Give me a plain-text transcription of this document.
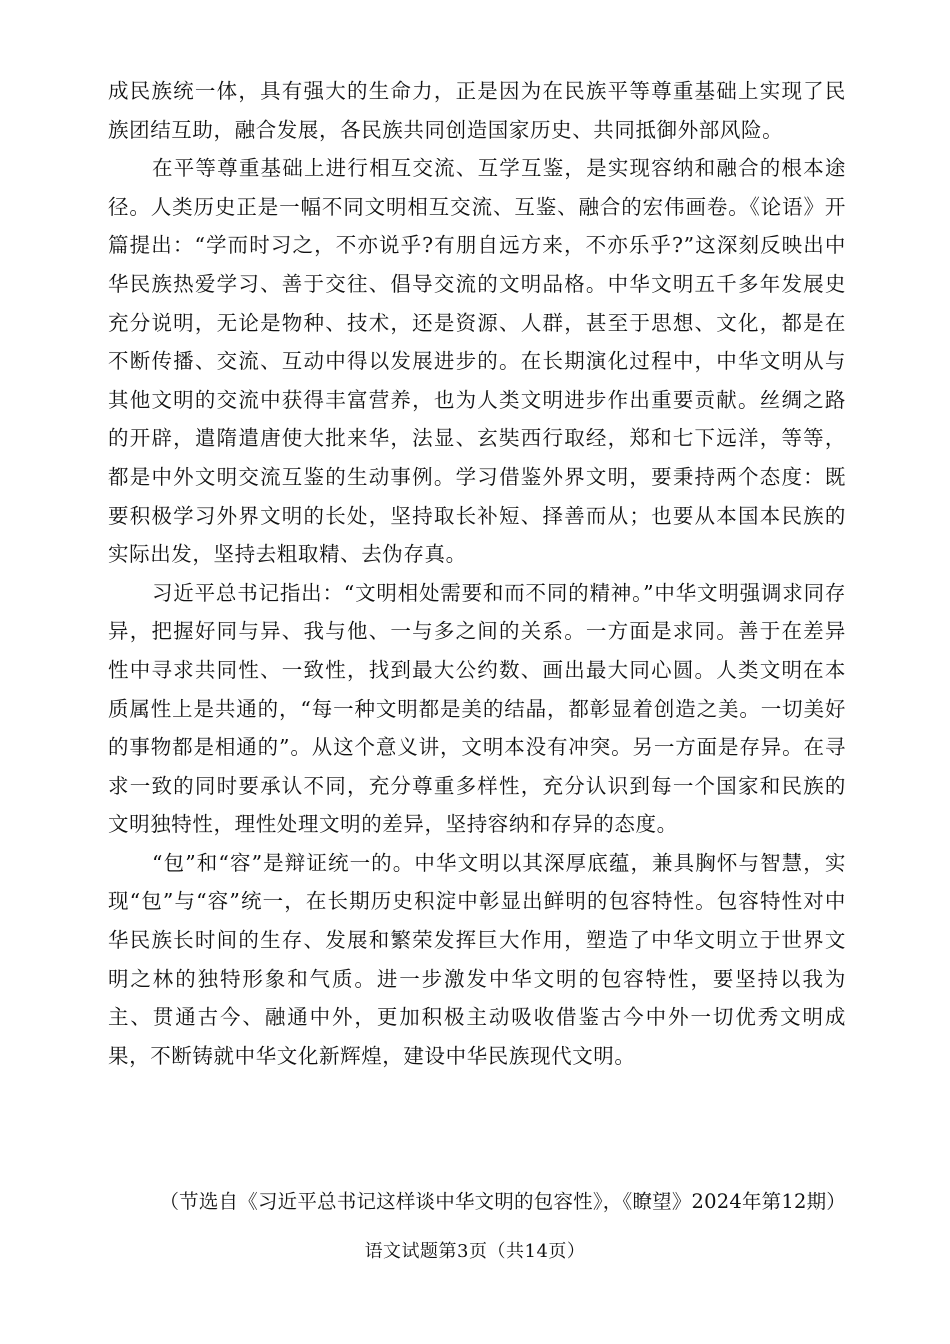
成民族统一体，具有强大的生命力，正是因为在民族平等尊重基础上实现了民族团结互助，融合发展，各民族共同创造国家历史、共同抵御外部风险。

在平等尊重基础上进行相互交流、互学互鉴，是实现容纳和融合的根本途径。人类历史正是一幅不同文明相互交流、互鉴、融合的宏伟画卷。《论语》开篇提出：“学而时习之，不亦说乎?有朋自远方来，不亦乐乎?”这深刻反映出中华民族热爱学习、善于交往、倡导交流的文明品格。中华文明五千多年发展史充分说明，无论是物种、技术，还是资源、人群，甚至于思想、文化，都是在不断传播、交流、互动中得以发展进步的。在长期演化过程中，中华文明从与其他文明的交流中获得丰富营养，也为人类文明进步作出重要贡献。丝绸之路的开辟，遣隋遣唐使大批来华，法显、玄奘西行取经，郑和七下远洋，等等，都是中外文明交流互鉴的生动事例。学习借鉴外界文明，要秉持两个态度：既要积极学习外界文明的长处，坚持取长补短、择善而从；也要从本国本民族的实际出发，坚持去粗取精、去伪存真。

习近平总书记指出：“文明相处需要和而不同的精神。”中华文明强调求同存异，把握好同与异、我与他、一与多之间的关系。一方面是求同。善于在差异性中寻求共同性、一致性，找到最大公约数、画出最大同心圆。人类文明在本质属性上是共通的，“每一种文明都是美的结晶，都彰显着创造之美。一切美好的事物都是相通的”。从这个意义讲，文明本没有冲突。另一方面是存异。在寻求一致的同时要承认不同，充分尊重多样性，充分认识到每一个国家和民族的文明独特性，理性处理文明的差异，坚持容纳和存异的态度。

“包”和“容”是辩证统一的。中华文明以其深厚底蕴，兼具胸怀与智慧，实现“包”与“容”统一，在长期历史积淀中彰显出鲜明的包容特性。包容特性对中华民族长时间的生存、发展和繁荣发挥巨大作用，塑造了中华文明立于世界文明之林的独特形象和气质。进一步激发中华文明的包容特性，要坚持以我为主、贯通古今、融通中外，更加积极主动吸收借鉴古今中外一切优秀文明成果，不断铸就中华文化新辉煌，建设中华民族现代文明。

（节选自《习近平总书记这样谈中华文明的包容性》，《瞭望》2024年第12期）
语文试题第3页（共14页）
